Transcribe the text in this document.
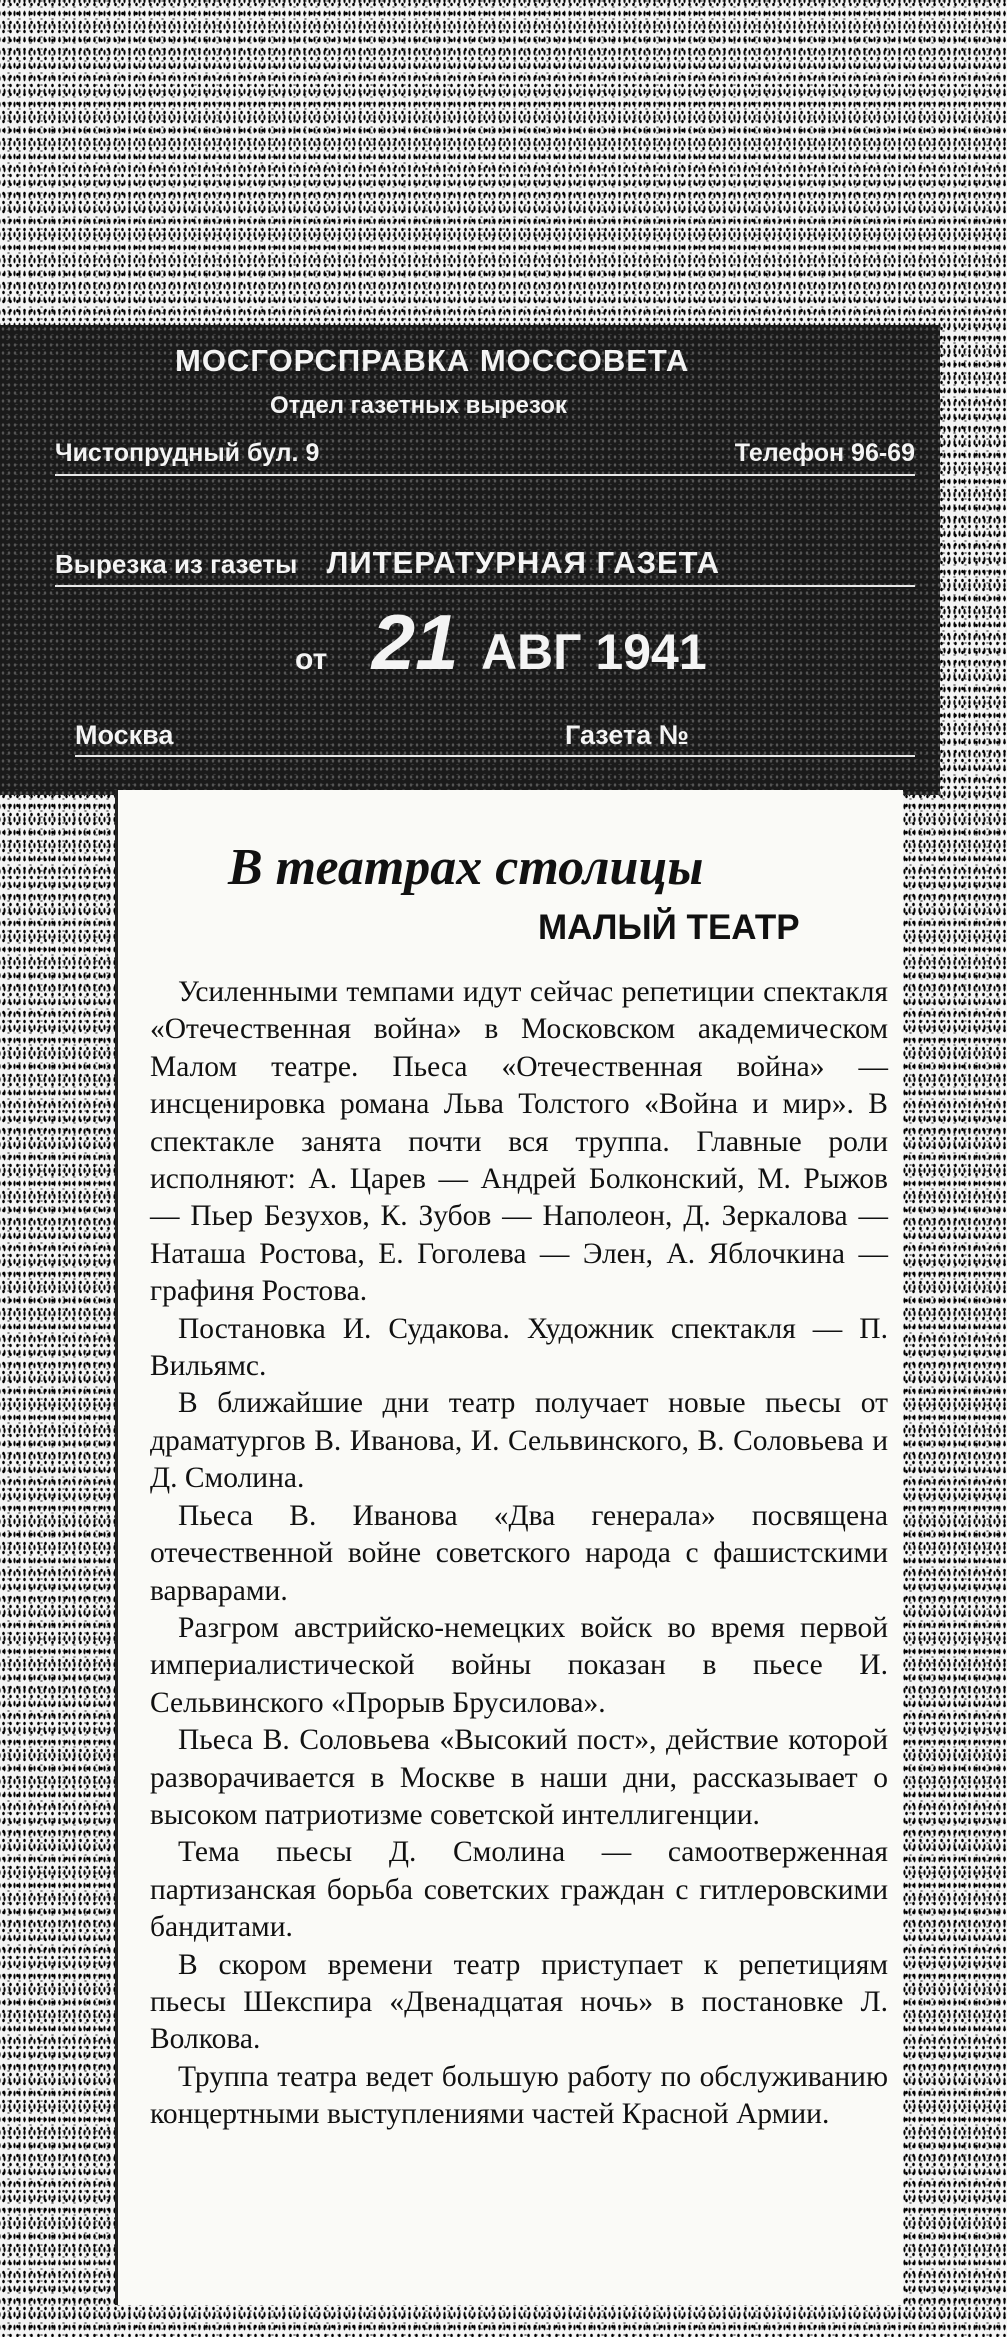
МОСГОРСПРАВКА МОССОВЕТА
Отдел газетных вырезок
Чистопрудный бул. 9	Телефон 96-69
Вырезка из газеты ЛИТЕРАТУРНАЯ ГАЗЕТА
от 21 АВГ 1941
Москва	Газета №
В театрах столицы
МАЛЫЙ ТЕАТР

Усиленными темпами идут сейчас репетиции спектакля «Отечественная война» в Московском академическом Малом театре. Пьеса «Отечественная война» — инсценировка романа Льва Толстого «Война и мир». В спектакле занята почти вся труппа. Главные роли исполняют: А. Царев — Андрей Болконский, М. Рыжов — Пьер Безухов, К. Зубов — Наполеон, Д. Зеркалова — Наташа Ростова, Е. Гоголева — Элен, А. Яблочкина — графиня Ростова.

Постановка И. Судакова. Художник спектакля — П. Вильямс.

В ближайшие дни театр получает новые пьесы от драматургов В. Иванова, И. Сельвинского, В. Соловьева и Д. Смолина.

Пьеса В. Иванова «Два генерала» посвящена отечественной войне советского народа с фашистскими варварами.

Разгром австрийско-немецких войск во время первой империалистической войны показан в пьесе И. Сельвинского «Прорыв Брусилова».

Пьеса В. Соловьева «Высокий пост», действие которой разворачивается в Москве в наши дни, рассказывает о высоком патриотизме советской интеллигенции.

Тема пьесы Д. Смолина — самоотверженная партизанская борьба советских граждан с гитлеровскими бандитами.

В скором времени театр приступает к репетициям пьесы Шекспира «Двенадцатая ночь» в постановке Л. Волкова.

Труппа театра ведет большую работу по обслуживанию концертными выступлениями частей Красной Армии.
